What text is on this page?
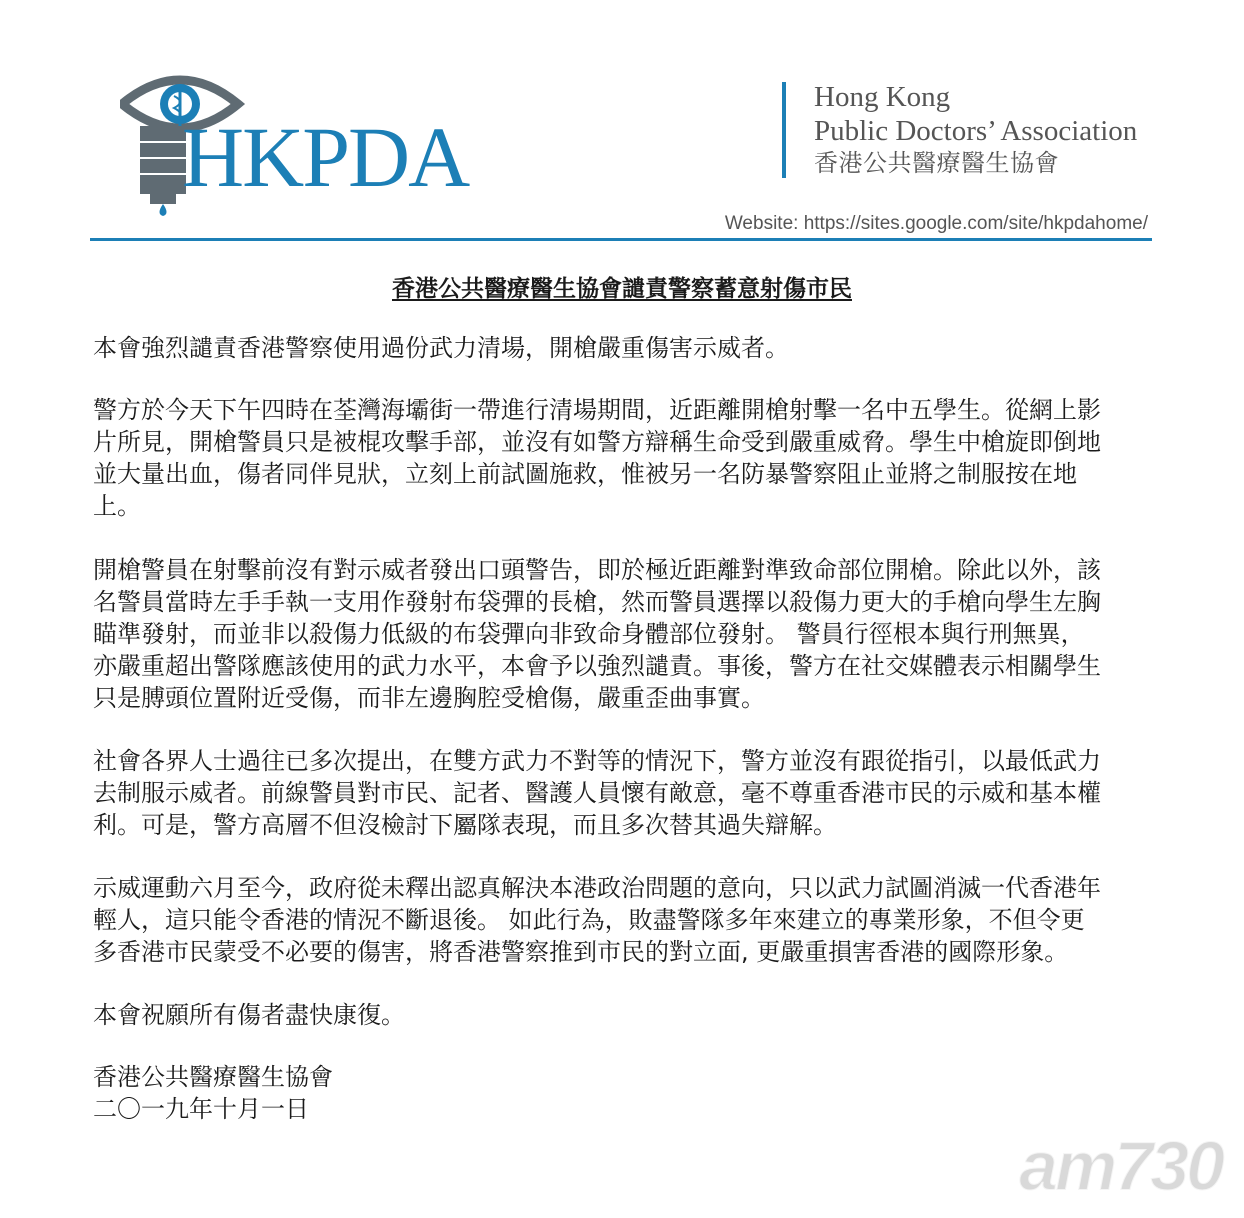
HKPDA
Hong Kong
Public Doctors’ Association
香港公共醫療醫生協會
Website: https://sites.google.com/site/hkpdahome/
香港公共醫療醫生協會譴責警察蓄意射傷市民
本會強烈譴責香港警察使用過份武力清場，開槍嚴重傷害示威者。
警方於今天下午四時在荃灣海壩街一帶進行清場期間，近距離開槍射擊一名中五學生。從網上影
片所見，開槍警員只是被棍攻擊手部，並沒有如警方辯稱生命受到嚴重威脅。學生中槍旋即倒地
並大量出血，傷者同伴見狀，立刻上前試圖施救，惟被另一名防暴警察阻止並將之制服按在地
上。
開槍警員在射擊前沒有對示威者發出口頭警告，即於極近距離對準致命部位開槍。除此以外，該
名警員當時左手手執一支用作發射布袋彈的長槍，然而警員選擇以殺傷力更大的手槍向學生左胸
瞄準發射，而並非以殺傷力低級的布袋彈向非致命身體部位發射。 警員行徑根本與行刑無異，
亦嚴重超出警隊應該使用的武力水平，本會予以強烈譴責。事後，警方在社交媒體表示相關學生
只是膊頭位置附近受傷，而非左邊胸腔受槍傷，嚴重歪曲事實。
社會各界人士過往已多次提出，在雙方武力不對等的情況下，警方並沒有跟從指引，以最低武力
去制服示威者。前線警員對市民、記者、醫護人員懷有敵意，毫不尊重香港市民的示威和基本權
利。可是，警方高層不但沒檢討下屬隊表現，而且多次替其過失辯解。
示威運動六月至今，政府從未釋出認真解決本港政治問題的意向，只以武力試圖消滅一代香港年
輕人，這只能令香港的情況不斷退後。 如此行為，敗盡警隊多年來建立的專業形象，不但令更
多香港市民蒙受不必要的傷害，將香港警察推到市民的對立面, 更嚴重損害香港的國際形象。
本會祝願所有傷者盡快康復。
香港公共醫療醫生協會
二〇一九年十月一日
am730
